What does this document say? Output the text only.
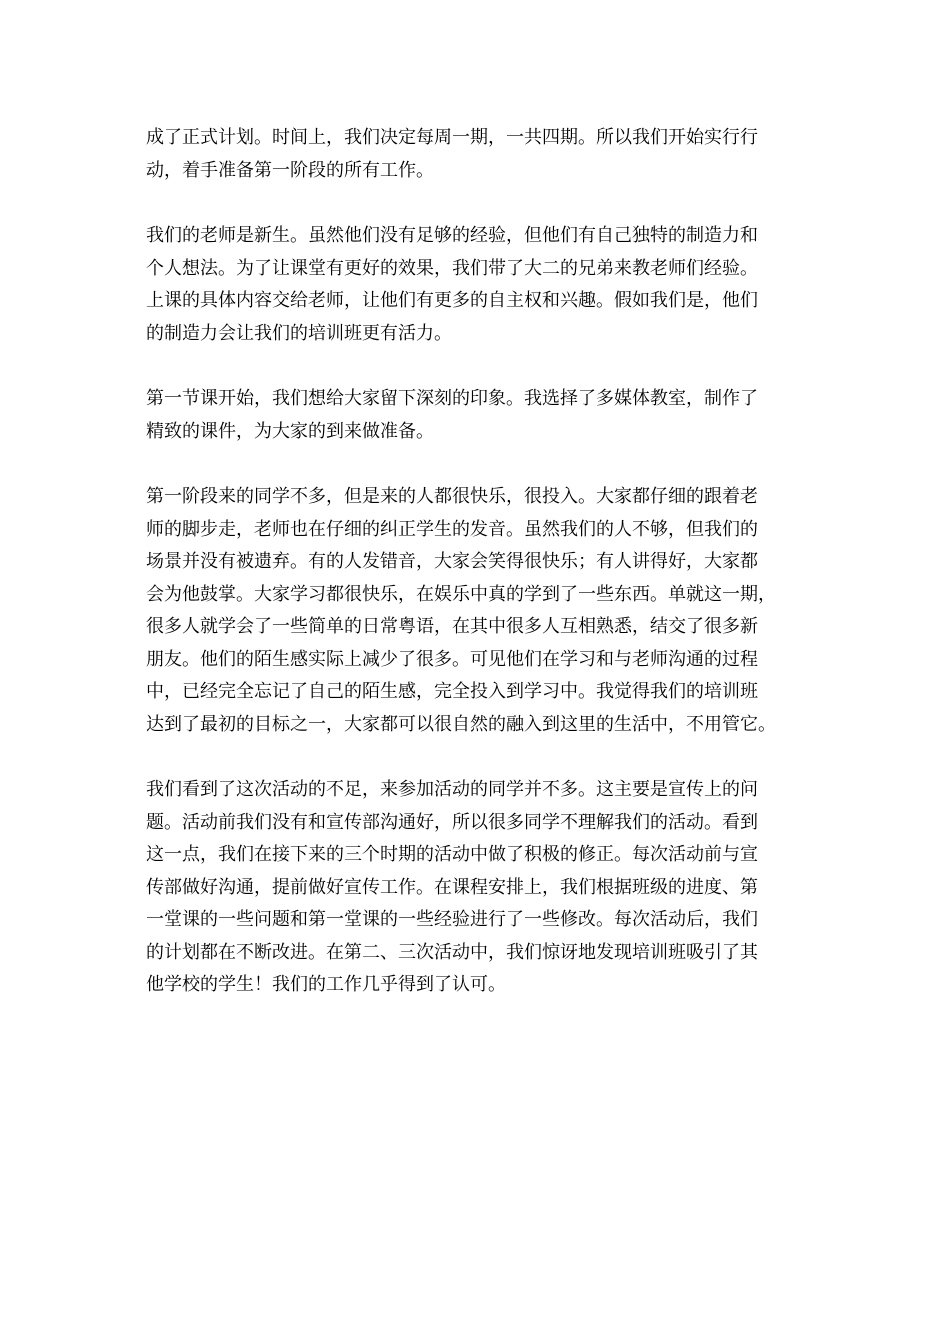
成了正式计划。时间上，我们决定每周一期，一共四期。所以我们开始实行行
动，着手准备第一阶段的所有工作。

我们的老师是新生。虽然他们没有足够的经验，但他们有自己独特的制造力和
个人想法。为了让课堂有更好的效果，我们带了大二的兄弟来教老师们经验。
上课的具体内容交给老师，让他们有更多的自主权和兴趣。假如我们是，他们
的制造力会让我们的培训班更有活力。

第一节课开始，我们想给大家留下深刻的印象。我选择了多媒体教室，制作了
精致的课件，为大家的到来做准备。

第一阶段来的同学不多，但是来的人都很快乐，很投入。大家都仔细的跟着老
师的脚步走，老师也在仔细的纠正学生的发音。虽然我们的人不够，但我们的
场景并没有被遗弃。有的人发错音，大家会笑得很快乐；有人讲得好，大家都
会为他鼓掌。大家学习都很快乐，在娱乐中真的学到了一些东西。单就这一期，
很多人就学会了一些简单的日常粤语，在其中很多人互相熟悉，结交了很多新
朋友。他们的陌生感实际上减少了很多。可见他们在学习和与老师沟通的过程
中，已经完全忘记了自己的陌生感，完全投入到学习中。我觉得我们的培训班
达到了最初的目标之一，大家都可以很自然的融入到这里的生活中，不用管它。

我们看到了这次活动的不足，来参加活动的同学并不多。这主要是宣传上的问
题。活动前我们没有和宣传部沟通好，所以很多同学不理解我们的活动。看到
这一点，我们在接下来的三个时期的活动中做了积极的修正。每次活动前与宣
传部做好沟通，提前做好宣传工作。在课程安排上，我们根据班级的进度、第
一堂课的一些问题和第一堂课的一些经验进行了一些修改。每次活动后，我们
的计划都在不断改进。在第二、三次活动中，我们惊讶地发现培训班吸引了其
他学校的学生！我们的工作几乎得到了认可。
